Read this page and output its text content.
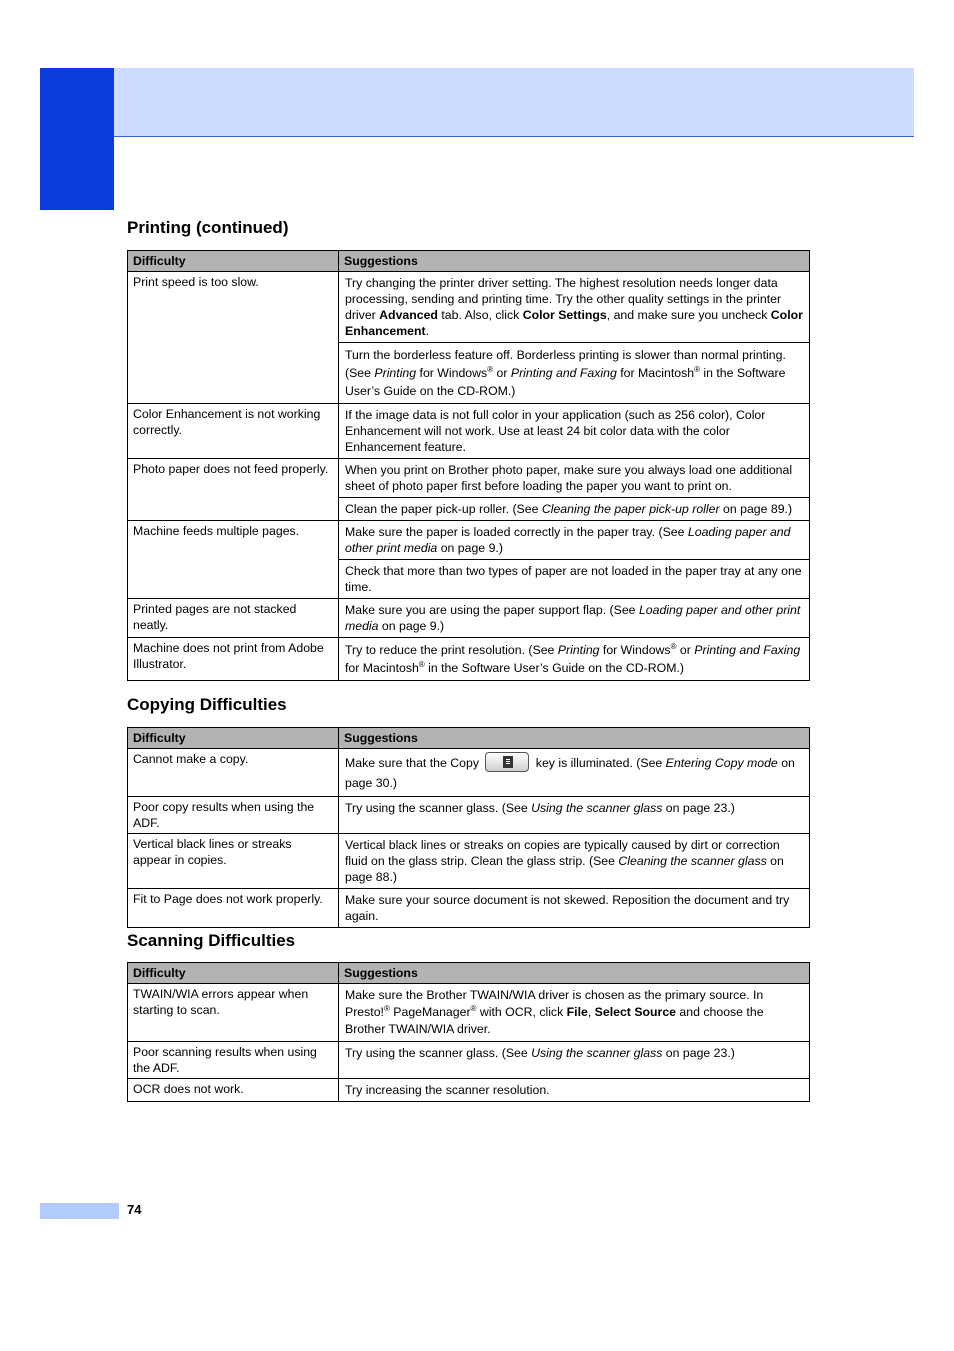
Printing (continued)
Difficulty	Suggestions
Print speed is too slow.	Try changing the printer driver setting. The highest resolution needs longer data processing, sending and printing time. Try the other quality settings in the printer driver Advanced tab. Also, click Color Settings, and make sure you uncheck Color Enhancement.
	Turn the borderless feature off. Borderless printing is slower than normal printing. (See Printing for Windows® or Printing and Faxing for Macintosh® in the Software User’s Guide on the CD-ROM.)
Color Enhancement is not working correctly.	If the image data is not full color in your application (such as 256 color), Color Enhancement will not work. Use at least 24 bit color data with the color Enhancement feature.
Photo paper does not feed properly.	When you print on Brother photo paper, make sure you always load one additional sheet of photo paper first before loading the paper you want to print on.
	Clean the paper pick-up roller. (See Cleaning the paper pick-up roller on page 89.)
Machine feeds multiple pages.	Make sure the paper is loaded correctly in the paper tray. (See Loading paper and other print media on page 9.)
	Check that more than two types of paper are not loaded in the paper tray at any one time.
Printed pages are not stacked neatly.	Make sure you are using the paper support flap. (See Loading paper and other print media on page 9.)
Machine does not print from Adobe Illustrator.	Try to reduce the print resolution. (See Printing for Windows® or Printing and Faxing for Macintosh® in the Software User’s Guide on the CD-ROM.)
Copying Difficulties
Difficulty	Suggestions
Cannot make a copy.	Make sure that the Copy key is illuminated. (See Entering Copy mode on page 30.)
Poor copy results when using the ADF.	Try using the scanner glass. (See Using the scanner glass on page 23.)
Vertical black lines or streaks appear in copies.	Vertical black lines or streaks on copies are typically caused by dirt or correction fluid on the glass strip. Clean the glass strip. (See Cleaning the scanner glass on page 88.)
Fit to Page does not work properly.	Make sure your source document is not skewed. Reposition the document and try again.
Scanning Difficulties
Difficulty	Suggestions
TWAIN/WIA errors appear when starting to scan.	Make sure the Brother TWAIN/WIA driver is chosen as the primary source. In Presto!® PageManager® with OCR, click File, Select Source and choose the Brother TWAIN/WIA driver.
Poor scanning results when using the ADF.	Try using the scanner glass. (See Using the scanner glass on page 23.)
OCR does not work.	Try increasing the scanner resolution.
74
